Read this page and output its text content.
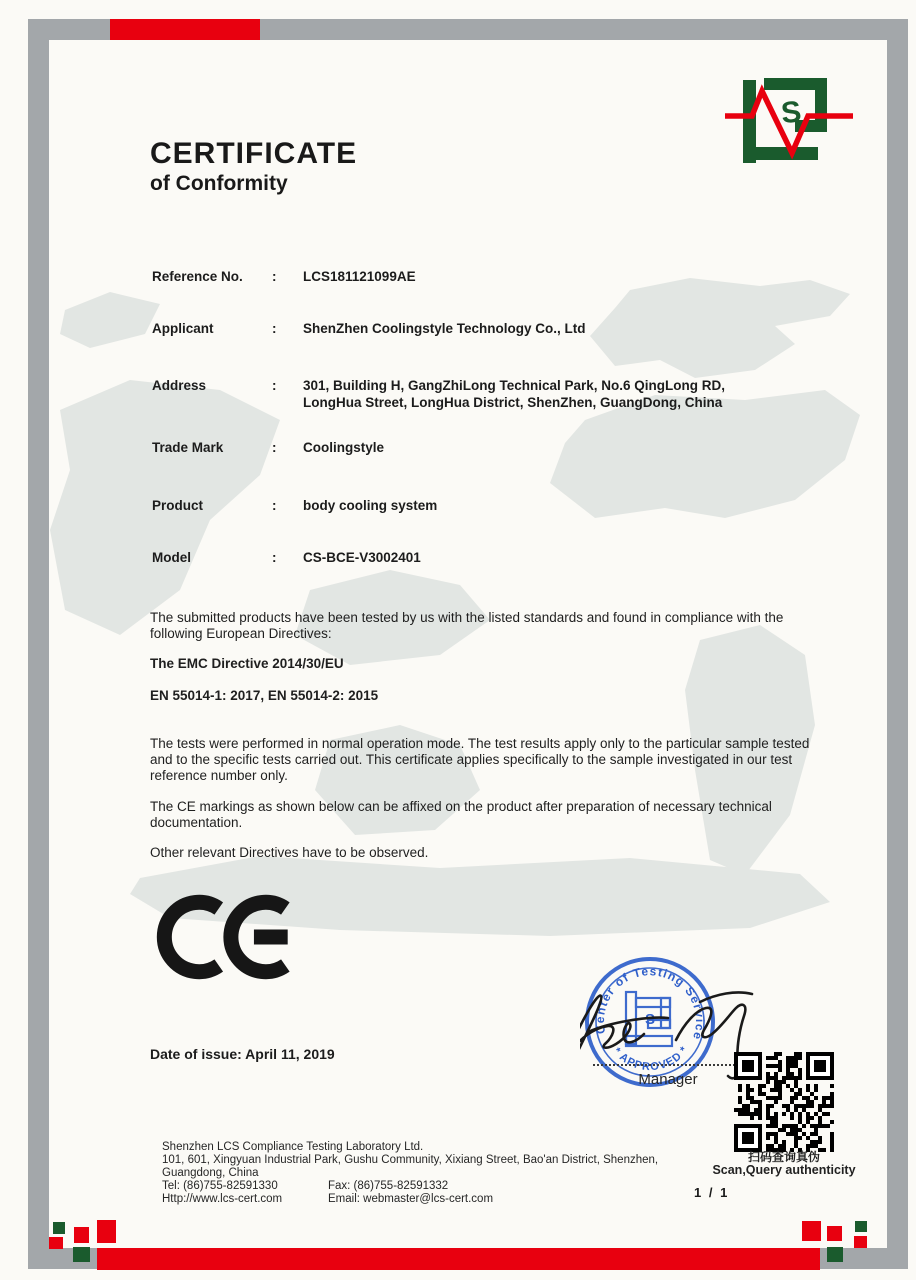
S
CERTIFICATE
of Conformity
Reference No.	: LCS181121099AE
Applicant	: ShenZhen Coolingstyle Technology Co., Ltd
Address	: 301, Building H, GangZhiLong Technical Park, No.6 QingLong RD, LongHua Street, LongHua District, ShenZhen, GuangDong, China
Trade Mark	: Coolingstyle
Product	: body cooling system
Model	: CS-BCE-V3002401
The submitted products have been tested by us with the listed standards and found in compliance with the following European Directives:
The EMC Directive 2014/30/EU
EN 55014-1: 2017, EN 55014-2: 2015
The tests were performed in normal operation mode. The test results apply only to the particular sample tested and to the specific tests carried out. This certificate applies specifically to the sample investigated in our test reference number only.
The CE markings as shown below can be affixed on the product after preparation of necessary technical documentation.
Other relevant Directives have to be observed.
Date of issue: April 11, 2019
S
Center of Testing Service
* APPROVED *
Manager
扫码查询真伪
Scan,Query authenticity
Shenzhen LCS Compliance Testing Laboratory Ltd.
101, 601, Xingyuan Industrial Park, Gushu Community, Xixiang Street, Bao'an District, Shenzhen,
Guangdong, China
Tel: (86)755-82591330	Fax: (86)755-82591332
Http://www.lcs-cert.com	Email: webmaster@lcs-cert.com	1 / 1
